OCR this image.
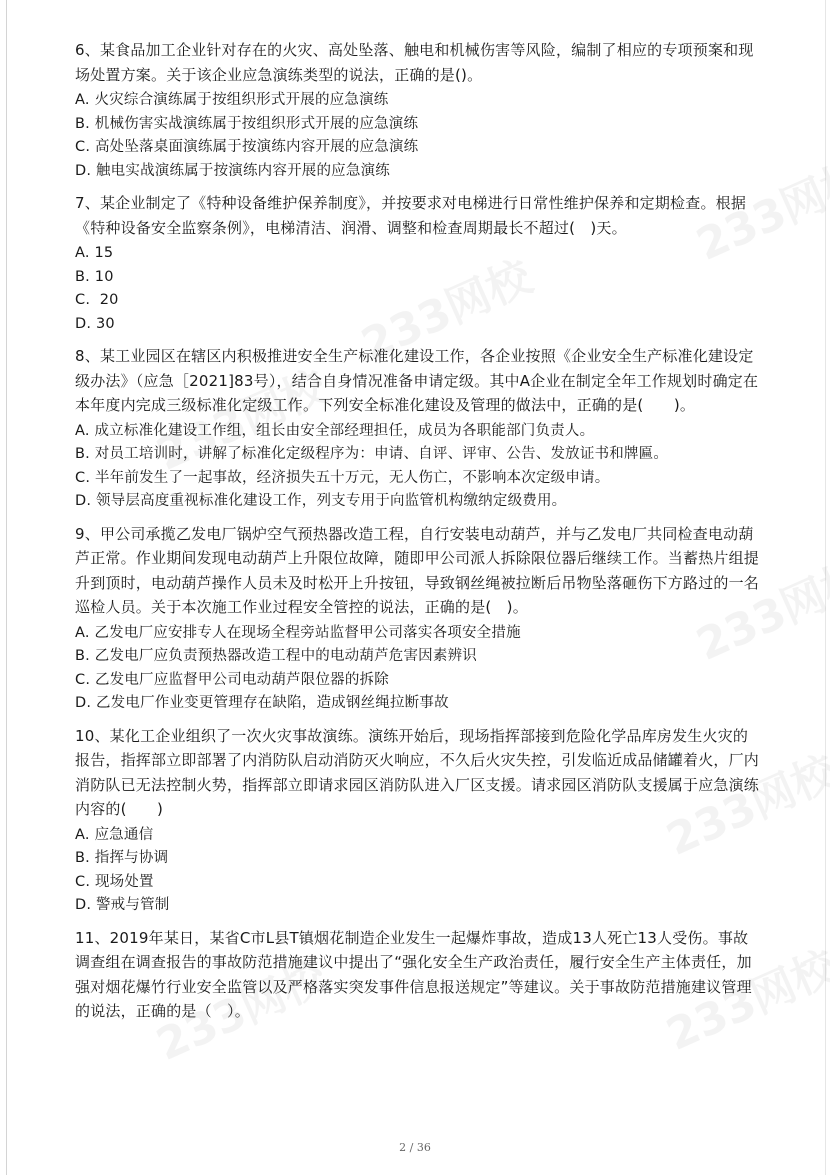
6、某食品加工企业针对存在的火灾、高处坠落、触电和机械伤害等风险，编制了相应的专项预案和现场处置方案。关于该企业应急演练类型的说法，正确的是()。

A. 火灾综合演练属于按组织形式开展的应急演练
B. 机械伤害实战演练属于按组织形式开展的应急演练
C. 高处坠落桌面演练属于按演练内容开展的应急演练
D. 触电实战演练属于按演练内容开展的应急演练

7、某企业制定了《特种设备维护保养制度》，并按要求对电梯进行日常性维护保养和定期检查。根据《特种设备安全监察条例》，电梯清洁、润滑、调整和检查周期最长不超过(　)天。

A. 15
B. 10
C.  20
D. 30

8、某工业园区在辖区内积极推进安全生产标准化建设工作，各企业按照《企业安全生产标准化建设定级办法》（应急［2021]83号），结合自身情况准备申请定级。其中A企业在制定全年工作规划时确定在本年度内完成三级标准化定级工作。下列安全标准化建设及管理的做法中，正确的是(　　)。

A. 成立标准化建设工作组，组长由安全部经理担任，成员为各职能部门负责人。
B. 对员工培训时，讲解了标准化定级程序为：申请、自评、评审、公告、发放证书和牌匾。
C. 半年前发生了一起事故，经济损失五十万元，无人伤亡，不影响本次定级申请。
D. 领导层高度重视标准化建设工作，列支专用于向监管机构缴纳定级费用。

9、甲公司承揽乙发电厂锅炉空气预热器改造工程，自行安装电动葫芦，并与乙发电厂共同检查电动葫芦正常。作业期间发现电动葫芦上升限位故障，随即甲公司派人拆除限位器后继续工作。当蓄热片组提升到顶时，电动葫芦操作人员未及时松开上升按钮，导致钢丝绳被拉断后吊物坠落砸伤下方路过的一名巡检人员。关于本次施工作业过程安全管控的说法，正确的是(　)。

A. 乙发电厂应安排专人在现场全程旁站监督甲公司落实各项安全措施
B. 乙发电厂应负责预热器改造工程中的电动葫芦危害因素辨识
C. 乙发电厂应监督甲公司电动葫芦限位器的拆除
D. 乙发电厂作业变更管理存在缺陷，造成钢丝绳拉断事故

10、某化工企业组织了一次火灾事故演练。演练开始后，现场指挥部接到危险化学品库房发生火灾的报告，指挥部立即部署了内消防队启动消防灭火响应，不久后火灾失控，引发临近成品储罐着火，厂内消防队已无法控制火势，指挥部立即请求园区消防队进入厂区支援。请求园区消防队支援属于应急演练内容的(　　)

A. 应急通信
B. 指挥与协调
C. 现场处置
D. 警戒与管制

11、2019年某日，某省C市L县T镇烟花制造企业发生一起爆炸事故，造成13人死亡13人受伤。事故调查组在调查报告的事故防范措施建议中提出了“强化安全生产政治责任，履行安全生产主体责任，加强对烟花爆竹行业安全监管以及严格落实突发事件信息报送规定”等建议。关于事故防范措施建议管理的说法，正确的是（　）。

2 / 36
